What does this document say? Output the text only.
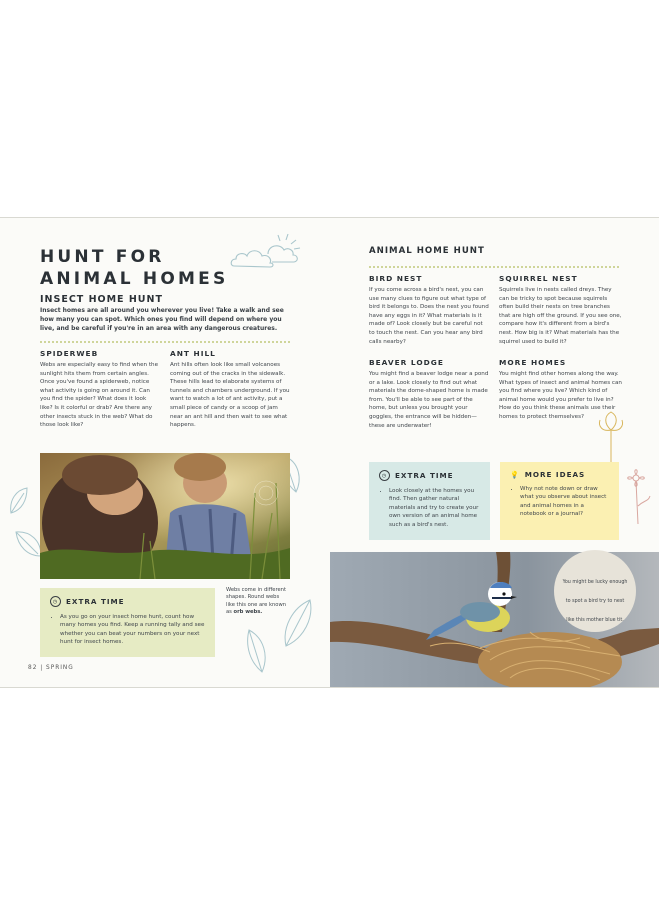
HUNT FOR
ANIMAL HOMES
INSECT HOME HUNT

Insect homes are all around you wherever you live! Take a walk and see how many you can spot. Which ones you find will depend on where you live, and be careful if you're in an area with any dangerous creatures.

SPIDERWEB

Webs are especially easy to find when the sunlight hits them from certain angles. Once you've found a spiderweb, notice what activity is going on around it. Can you find the spider? What does it look like? Is it colorful or drab? Are there any other insects stuck in the web? What do those look like?

ANT HILL

Ant hills often look like small volcanoes coming out of the cracks in the sidewalk. These hills lead to elaborate systems of tunnels and chambers underground. If you want to watch a lot of ant activity, put a small piece of candy or a scoop of jam near an ant hill and then wait to see what happens.

◷	EXTRA TIME
• As you go on your insect home hunt, count how many homes you find. Keep a running tally and see whether you can beat your numbers on your next hunt for insect homes.
Webs come in different shapes. Round webs like this one are known as orb webs.
82 | SPRING
ANIMAL HOME HUNT
BIRD NEST

If you come across a bird's nest, you can use many clues to figure out what type of bird it belongs to. Does the nest you found have any eggs in it? What materials is it made of? Look closely but be careful not to touch the nest. Can you hear any bird calls nearby?

SQUIRREL NEST

Squirrels live in nests called dreys. They can be tricky to spot because squirrels often build their nests on tree branches that are high off the ground. If you see one, compare how it's different from a bird's nest. How big is it? What materials has the squirrel used to build it?

BEAVER LODGE

You might find a beaver lodge near a pond or a lake. Look closely to find out what materials the dome-shaped home is made from. You'll be able to see part of the home, but unless you brought your goggles, the entrance will be hidden—these are underwater!

MORE HOMES

You might find other homes along the way. What types of insect and animal homes can you find where you live? Which kind of animal home would you prefer to live in? How do you think these animals use their homes to protect themselves?

◷	EXTRA TIME
• Look closely at the homes you find. Then gather natural materials and try to create your own version of an animal home such as a bird's nest.
💡 MORE IDEAS
• Why not note down or draw what you observe about insect and animal homes in a notebook or a journal?
You might be lucky enough to spot a bird try to nest like this mother blue tit.
